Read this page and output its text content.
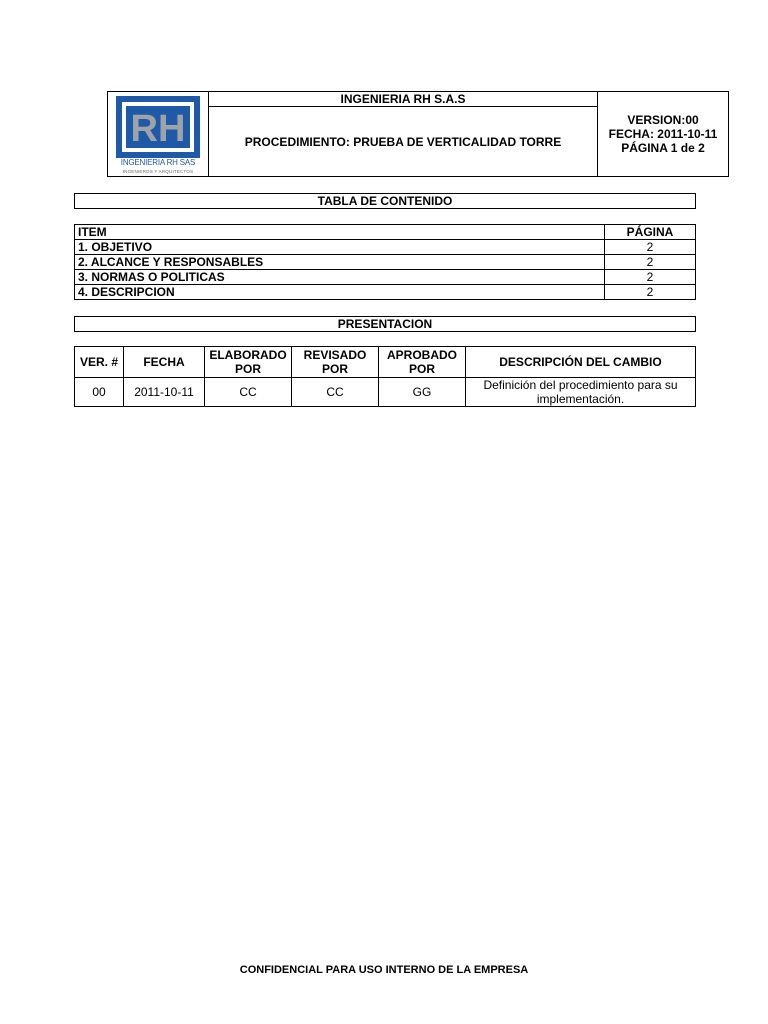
RH
INGENIERIA RH SAS
INGENIEROS Y ARQUITECTOS
	INGENIERIA RH S.A.S	
VERSION:00
FECHA: 2011-10-11
PÁGINA 1 de 2

PROCEDIMIENTO: PRUEBA DE VERTICALIDAD TORRE
TABLA DE CONTENIDO
ITEM	PÁGINA
1. OBJETIVO	2
2. ALCANCE Y RESPONSABLES	2
3. NORMAS O POLITICAS	2
4. DESCRIPCION	2
PRESENTACION
VER. #	FECHA	ELABORADO POR	REVISADO POR	APROBADO POR	DESCRIPCIÓN DEL CAMBIO
00	2011-10-11	CC	CC	GG	Definición del procedimiento para su implementación.
CONFIDENCIAL PARA USO INTERNO DE LA EMPRESA
